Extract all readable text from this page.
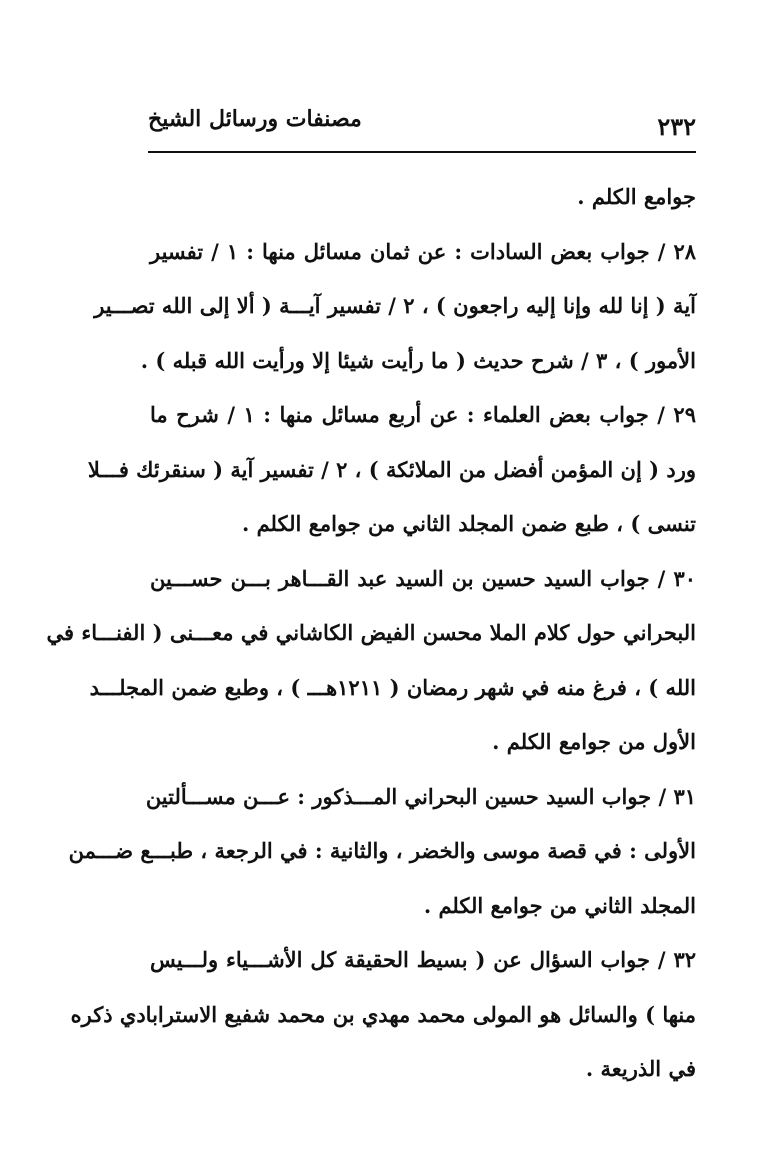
٢٣٢
مصنفات ورسائل الشيخ
جوامع الكلم .
٢٨ / جواب بعض السادات : عن ثمان مسائل منها : ١ / تفسير
آية ( إنا لله وإنا إليه راجعون ) ، ٢ / تفسير آيـــة ( ألا إلى الله تصـــير
الأمور ) ، ٣ / شرح حديث ( ما رأيت شيئا إلا ورأيت الله قبله ) .
٢٩ / جواب بعض العلماء : عن أربع مسائل منها : ١ / شرح ما
ورد ( إن المؤمن أفضل من الملائكة ) ، ٢ / تفسير آية ( سنقرئك فـــلا
تنسى ) ، طبع ضمن المجلد الثاني من جوامع الكلم .
٣٠ / جواب السيد حسين بن السيد عبد القـــاهر بـــن حســـين
البحراني حول كلام الملا محسن الفيض الكاشاني في معـــنى ( الفنـــاء في
الله ) ، فرغ منه في شهر رمضان ( ١٢١١هـــ ) ، وطبع ضمن المجلـــد
الأول من جوامع الكلم .
٣١ / جواب السيد حسين البحراني المـــذكور : عـــن مســـألتين
الأولى : في قصة موسى والخضر ، والثانية : في الرجعة ، طبـــع ضـــمن
المجلد الثاني من جوامع الكلم .
٣٢ / جواب السؤال عن ( بسيط الحقيقة كل الأشـــياء ولـــيس
منها ) والسائل هو المولى محمد مهدي بن محمد شفيع الاسترابادي ذكره
في الذريعة .
